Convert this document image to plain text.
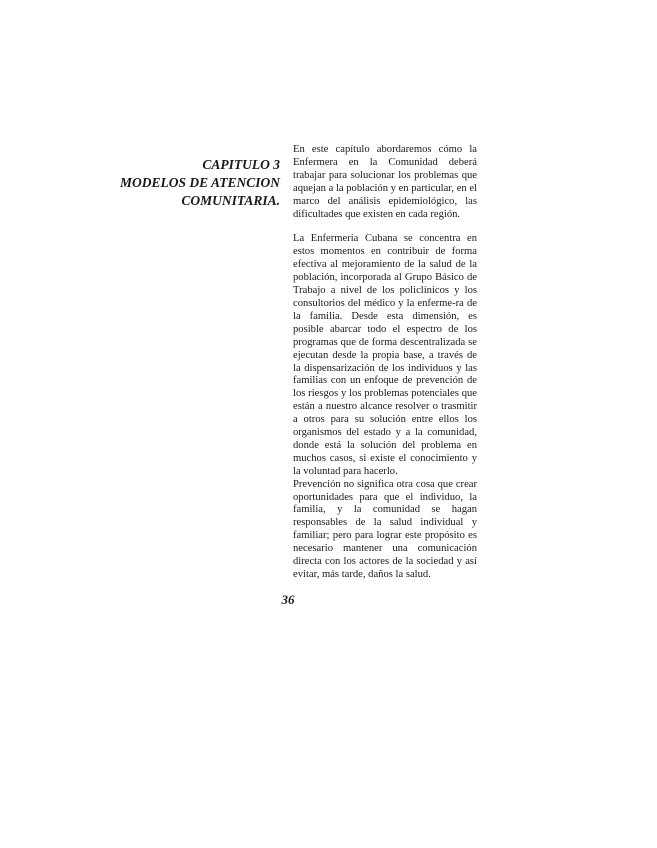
CAPITULO 3
MODELOS DE ATENCION
COMUNITARIA.

En este capítulo abordaremos cómo la Enfermera en la Comunidad deberá trabajar para solucionar los problemas que aquejan a la población y en particular, en el marco del análisis epidemiológico, las dificultades que existen en cada región.

La Enfermería Cubana se concentra en estos momentos en contribuir de forma efectiva al mejoramiento de la salud de la población, incorporada al Grupo Básico de Trabajo a nivel de los policlínicos y los consultorios del médico y la enferme-ra de la familia. Desde esta dimensión, es posible abarcar todo el espectro de los programas que de forma descentralizada se ejecutan desde la propia base, a través de la dispensarización de los individuos y las familias con un enfoque de prevención de los riesgos y los problemas potenciales que están a nuestro alcance resolver o trasmitir a otros para su solución entre ellos los organismos del estado y a la comunidad, donde está la solución del problema en muchos casos, si existe el conocimiento y la voluntad para hacerlo.

Prevención no significa otra cosa que crear oportunidades para que el individuo, la familia, y la comunidad se hagan responsables de la salud individual y familiar; pero para lograr este propósito es necesario mantener una comunicación directa con los actores de la sociedad y así evitar, más tarde, daños la salud.

36
